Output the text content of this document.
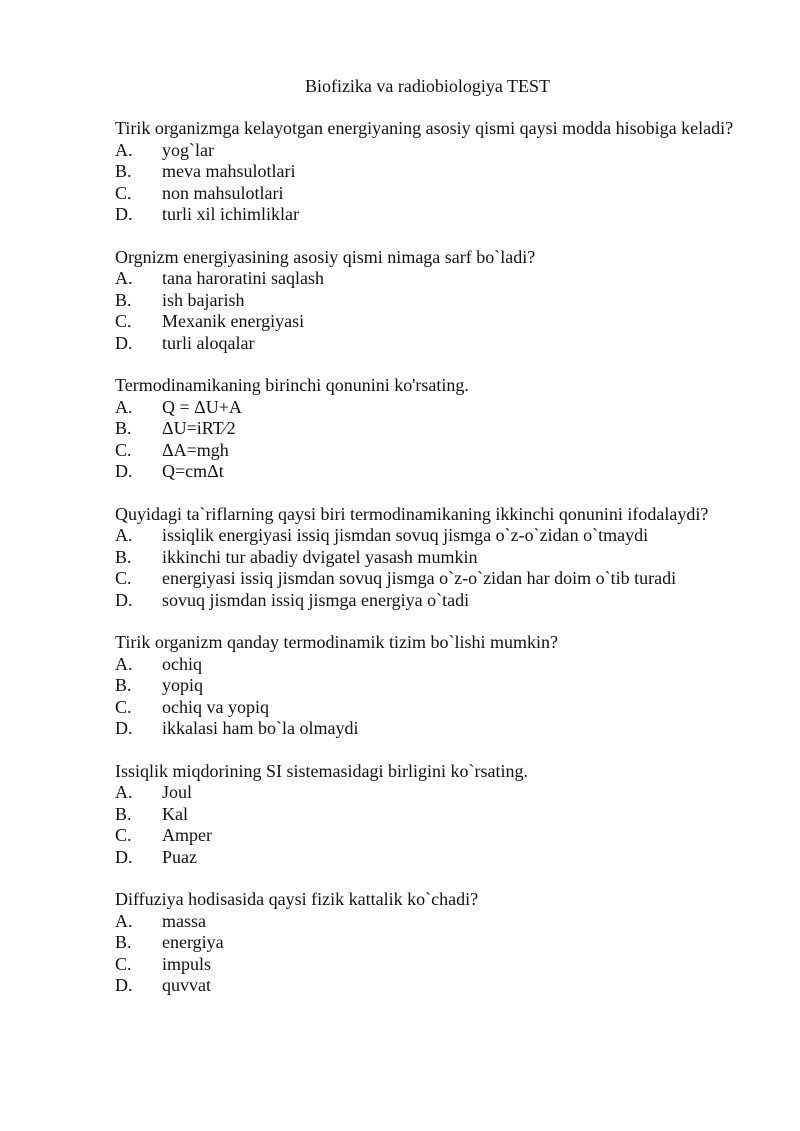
Biofizika va radiobiologiya TEST

Tirik organizmga kelayotgan energiyaning asosiy qismi qaysi modda hisobiga keladi?

A.	yog`lar
B.	meva mahsulotlari
C.	non mahsulotlari
D.	turli xil ichimliklar

Orgnizm energiyasining asosiy qismi nimaga sarf bo`ladi?

A.	tana haroratini saqlash
B.	ish bajarish
C.	Mexanik energiyasi
D.	turli aloqalar

Termodinamikaning birinchi qonunini ko'rsating.

A.	Q = ΔU+A
B.	ΔU=iRT⁄2
C.	ΔA=mgh
D.	Q=cmΔt

Quyidagi ta`riflarning qaysi biri termodinamikaning ikkinchi qonunini ifodalaydi?

A.	issiqlik energiyasi issiq jismdan sovuq jismga o`z-o`zidan o`tmaydi
B.	ikkinchi tur abadiy dvigatel yasash mumkin
C.	energiyasi issiq jismdan sovuq jismga o`z-o`zidan har doim o`tib turadi
D.	sovuq jismdan issiq jismga energiya o`tadi

Tirik organizm qanday termodinamik tizim bo`lishi mumkin?

A.	ochiq
B.	yopiq
C.	ochiq va yopiq
D.	ikkalasi ham bo`la olmaydi

Issiqlik miqdorining SI sistemasidagi birligini ko`rsating.

A.	Joul
B.	Kal
C.	Amper
D.	Puaz

Diffuziya hodisasida qaysi fizik kattalik ko`chadi?

A.	massa
B.	energiya
C.	impuls
D.	quvvat
